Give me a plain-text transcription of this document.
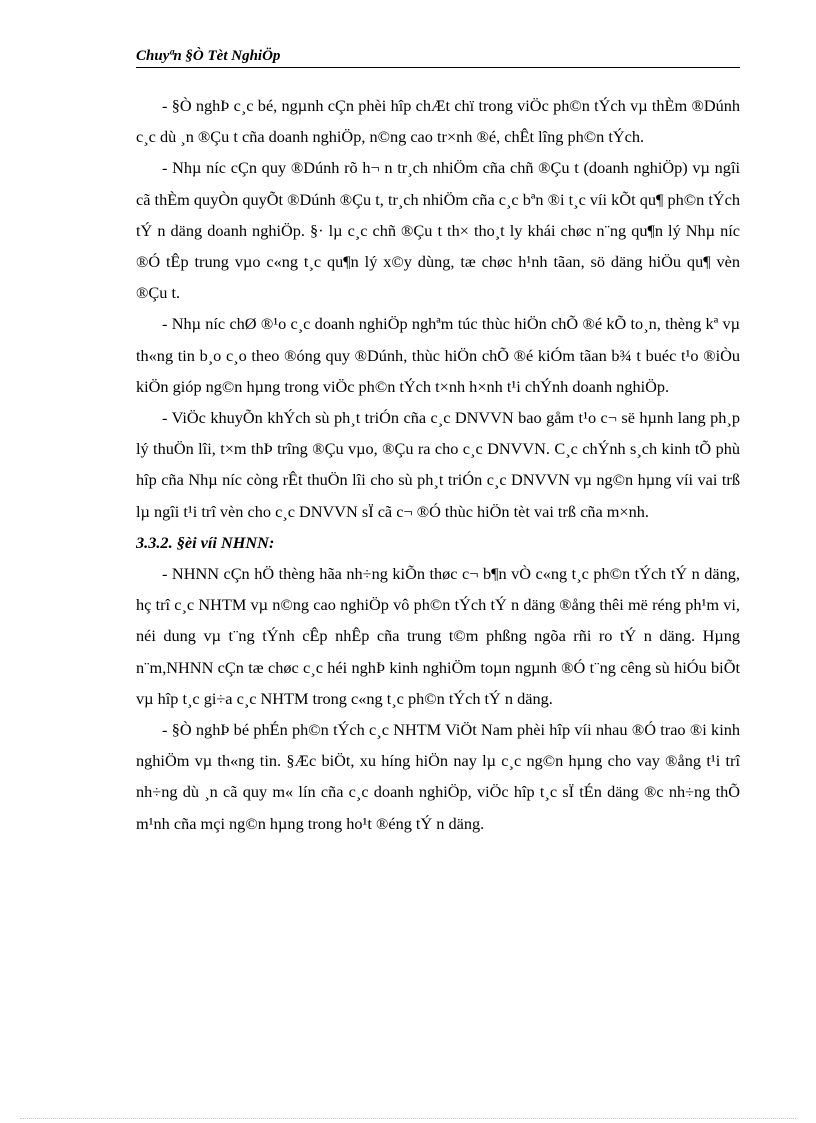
Chuyªn §Ò Tèt NghiÖp

- §Ò nghÞ c¸c bé, ngµnh cÇn phèi hîp chÆt chï trong viÖc ph©n tÝch vµ thÈm ®Dúnh c¸c dù ¸n ®Çu t cña doanh nghiÖp, n©ng cao tr×nh ®é, chÊt lîng ph©n tÝch.

- Nhµ níc cÇn quy ®Dúnh rõ h¬ n tr¸ch nhiÖm cña chñ ®Çu t (doanh nghiÖp) vµ ngîi cã thÈm quyÒn quyÕt ®Dúnh ®Çu t, tr¸ch nhiÖm cña c¸c bªn ®i t¸c víi kÕt qu¶ ph©n tÝch tÝ n däng doanh nghiÖp. §· lµ c¸c chñ ®Çu t th× tho¸t ly khái chøc n¨ng qu¶n lý Nhµ níc ®Ó tÊp trung vµo c«ng t¸c qu¶n lý x©y dùng, tæ chøc h¹nh tãan, sö däng hiÖu qu¶ vèn ®Çu t.

- Nhµ níc chØ ®¹o c¸c doanh nghiÖp nghªm túc thùc hiÖn chÕ ®é kÕ to¸n, thèng kª vµ th«ng tin b¸o c¸o theo ®óng quy ®Dúnh, thùc hiÖn chÕ ®é kiÓm tãan b¾ t buéc t¹o ®iÒu kiÖn gióp ng©n hµng trong viÖc ph©n tÝch t×nh h×nh t¹i chÝnh doanh nghiÖp.

- ViÖc khuyÕn khÝch sù ph¸t triÓn cña c¸c DNVVN bao gåm t¹o c¬ së hµnh lang ph¸p lý thuÖn lîi, t×m thÞ trîng ®Çu vµo, ®Çu ra cho c¸c DNVVN. C¸c chÝnh s¸ch kinh tÕ phù hîp cña Nhµ níc còng rÊt thuÖn lîi cho sù ph¸t triÓn c¸c DNVVN vµ ng©n hµng víi vai trß lµ ngîi t¹i trî vèn cho c¸c DNVVN sÏ cã c¬ ®Ó thùc hiÖn tèt vai trß cña m×nh.

3.3.2. §èi víi NHNN:

- NHNN cÇn hÖ thèng hãa nh÷ng kiÕn thøc c¬ b¶n vÒ c«ng t¸c ph©n tÝch tÝ n däng, hç trî c¸c NHTM vµ n©ng cao nghiÖp vô ph©n tÝch tÝ n däng ®ång thêi më réng ph¹m vi, néi dung vµ t¨ng tÝnh cÊp nhÊp cña trung t©m phßng ngõa rñi ro tÝ n däng. Hµng n¨m,NHNN cÇn tæ chøc c¸c héi nghÞ kinh nghiÖm toµn ngµnh ®Ó t¨ng cêng sù hiÓu biÕt vµ hîp t¸c gi÷a c¸c NHTM trong c«ng t¸c ph©n tÝch tÝ n däng.

- §Ò nghÞ bé phÉn ph©n tÝch c¸c NHTM ViÖt Nam phèi hîp víi nhau ®Ó trao ®i kinh nghiÖm vµ th«ng tin. §Æc biÖt, xu híng hiÖn nay lµ c¸c ng©n hµng cho vay ®ång t¹i trî nh÷ng dù ¸n cã quy m« lín cña c¸c doanh nghiÖp, viÖc hîp t¸c sÏ tÉn däng ®c nh÷ng thÕ m¹nh cña mçi ng©n hµng trong ho¹t ®éng tÝ n däng.
